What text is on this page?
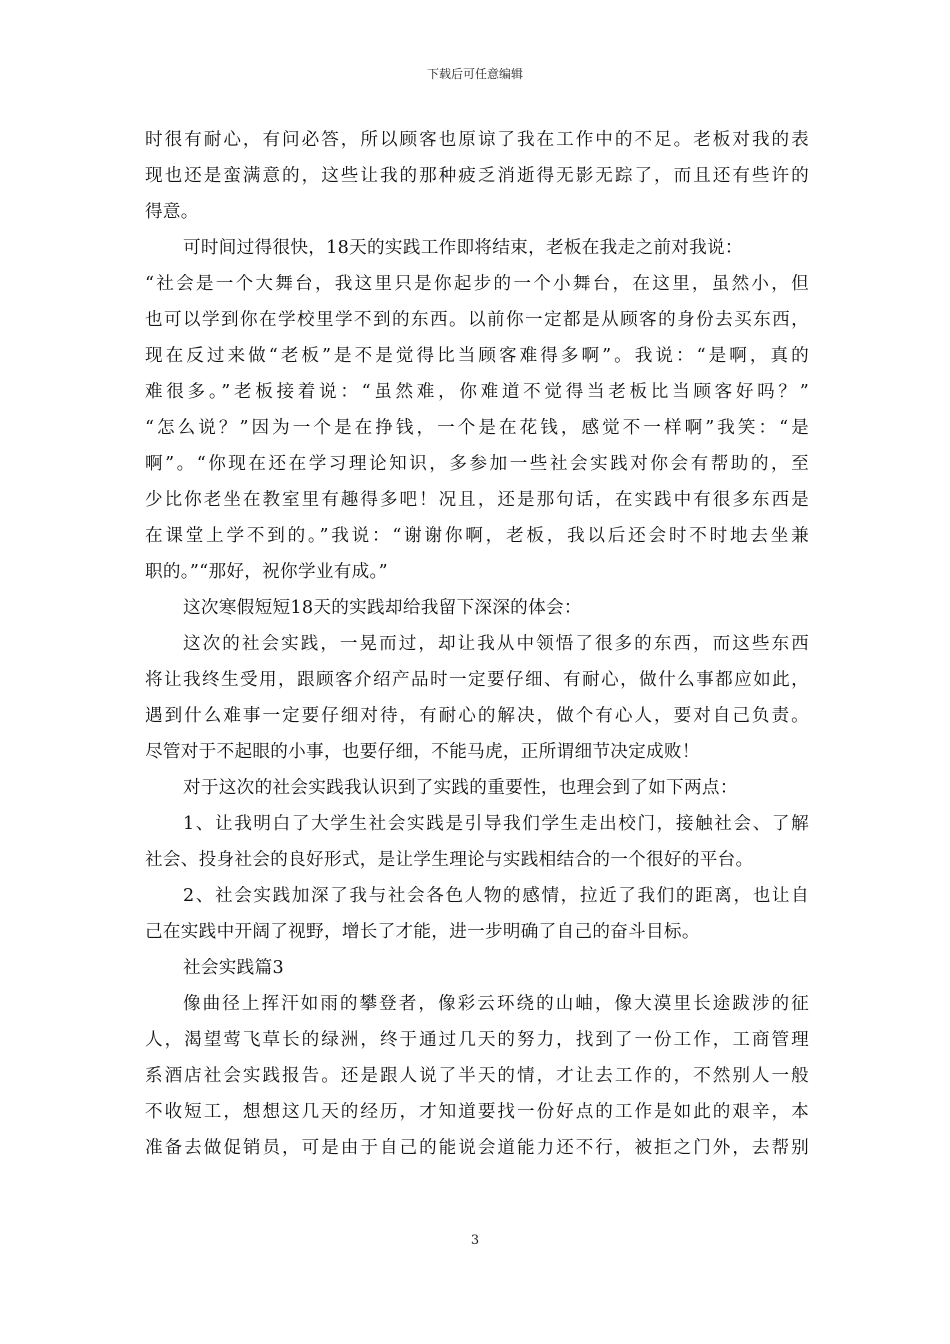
下载后可任意编辑
时很有耐心，有问必答，所以顾客也原谅了我在工作中的不足。老板对我的表
现也还是蛮满意的，这些让我的那种疲乏消逝得无影无踪了，而且还有些许的
得意。
可时间过得很快，18天的实践工作即将结束，老板在我走之前对我说：
“社会是一个大舞台，我这里只是你起步的一个小舞台，在这里，虽然小，但
也可以学到你在学校里学不到的东西。以前你一定都是从顾客的身份去买东西，
现在反过来做“老板”是不是觉得比当顾客难得多啊”。我说：“是啊，真的
难很多。”老板接着说：“虽然难，你难道不觉得当老板比当顾客好吗？”
“怎么说？”因为一个是在挣钱，一个是在花钱，感觉不一样啊”我笑：“是
啊”。“你现在还在学习理论知识，多参加一些社会实践对你会有帮助的，至
少比你老坐在教室里有趣得多吧！况且，还是那句话，在实践中有很多东西是
在课堂上学不到的。”我说：“谢谢你啊，老板，我以后还会时不时地去坐兼
职的。”“那好，祝你学业有成。”
这次寒假短短18天的实践却给我留下深深的体会：
这次的社会实践，一晃而过，却让我从中领悟了很多的东西，而这些东西
将让我终生受用，跟顾客介绍产品时一定要仔细、有耐心，做什么事都应如此，
遇到什么难事一定要仔细对待，有耐心的解决，做个有心人，要对自己负责。
尽管对于不起眼的小事，也要仔细，不能马虎，正所谓细节决定成败！
对于这次的社会实践我认识到了实践的重要性，也理会到了如下两点：
1、让我明白了大学生社会实践是引导我们学生走出校门，接触社会、了解
社会、投身社会的良好形式，是让学生理论与实践相结合的一个很好的平台。
2、社会实践加深了我与社会各色人物的感情，拉近了我们的距离，也让自
己在实践中开阔了视野，增长了才能，进一步明确了自己的奋斗目标。
社会实践篇3
像曲径上挥汗如雨的攀登者，像彩云环绕的山岫，像大漠里长途跋涉的征
人，渴望莺飞草长的绿洲，终于通过几天的努力，找到了一份工作，工商管理
系酒店社会实践报告。还是跟人说了半天的情，才让去工作的，不然别人一般
不收短工，想想这几天的经历，才知道要找一份好点的工作是如此的艰辛，本
准备去做促销员，可是由于自己的能说会道能力还不行，被拒之门外，去帮别
3
